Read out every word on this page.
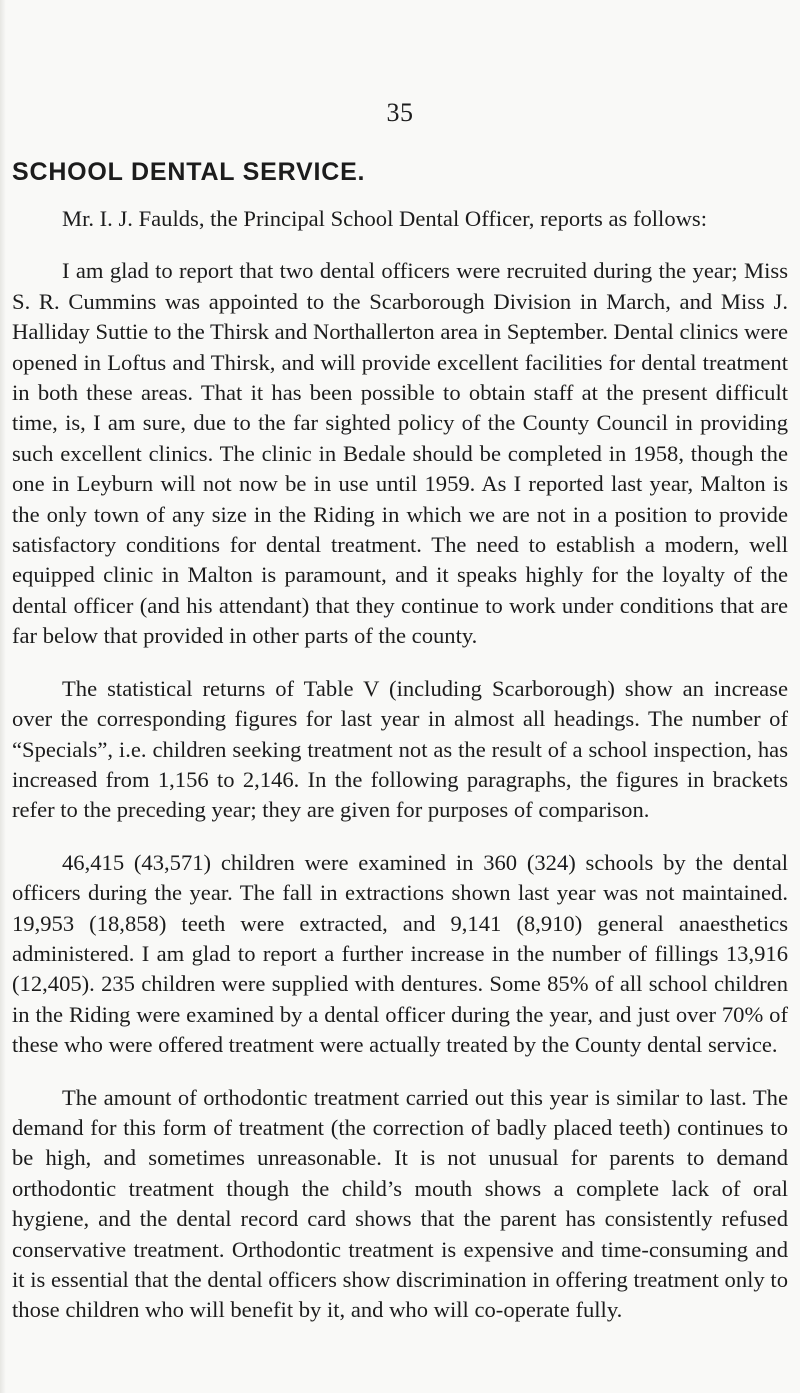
35
SCHOOL DENTAL SERVICE.

Mr. I. J. Faulds, the Principal School Dental Officer, reports as follows:

I am glad to report that two dental officers were recruited during the year; Miss S. R. Cummins was appointed to the Scarborough Division in March, and Miss J. Halliday Suttie to the Thirsk and Northallerton area in September. Dental clinics were opened in Loftus and Thirsk, and will provide excellent facilities for dental treatment in both these areas. That it has been possible to obtain staff at the present difficult time, is, I am sure, due to the far sighted policy of the County Council in providing such excellent clinics. The clinic in Bedale should be completed in 1958, though the one in Leyburn will not now be in use until 1959. As I reported last year, Malton is the only town of any size in the Riding in which we are not in a position to provide satisfactory conditions for dental treatment. The need to establish a modern, well equipped clinic in Malton is paramount, and it speaks highly for the loyalty of the dental officer (and his attendant) that they continue to work under conditions that are far below that provided in other parts of the county.

The statistical returns of Table V (including Scarborough) show an increase over the corresponding figures for last year in almost all headings. The number of “Specials”, i.e. children seeking treatment not as the result of a school inspection, has increased from 1,156 to 2,146. In the following paragraphs, the figures in brackets refer to the preceding year; they are given for purposes of comparison.

46,415 (43,571) children were examined in 360 (324) schools by the dental officers during the year. The fall in extractions shown last year was not maintained. 19,953 (18,858) teeth were extracted, and 9,141 (8,910) general anaesthetics administered. I am glad to report a further increase in the number of fillings 13,916 (12,405). 235 children were supplied with dentures. Some 85% of all school children in the Riding were examined by a dental officer during the year, and just over 70% of these who were offered treatment were actually treated by the County dental service.

The amount of orthodontic treatment carried out this year is similar to last. The demand for this form of treatment (the correction of badly placed teeth) continues to be high, and sometimes unreasonable. It is not unusual for parents to demand orthodontic treatment though the child’s mouth shows a complete lack of oral hygiene, and the dental record card shows that the parent has consistently refused conservative treatment. Orthodontic treatment is expensive and time-consuming and it is essential that the dental officers show discrimination in offering treatment only to those children who will benefit by it, and who will co-operate fully.
